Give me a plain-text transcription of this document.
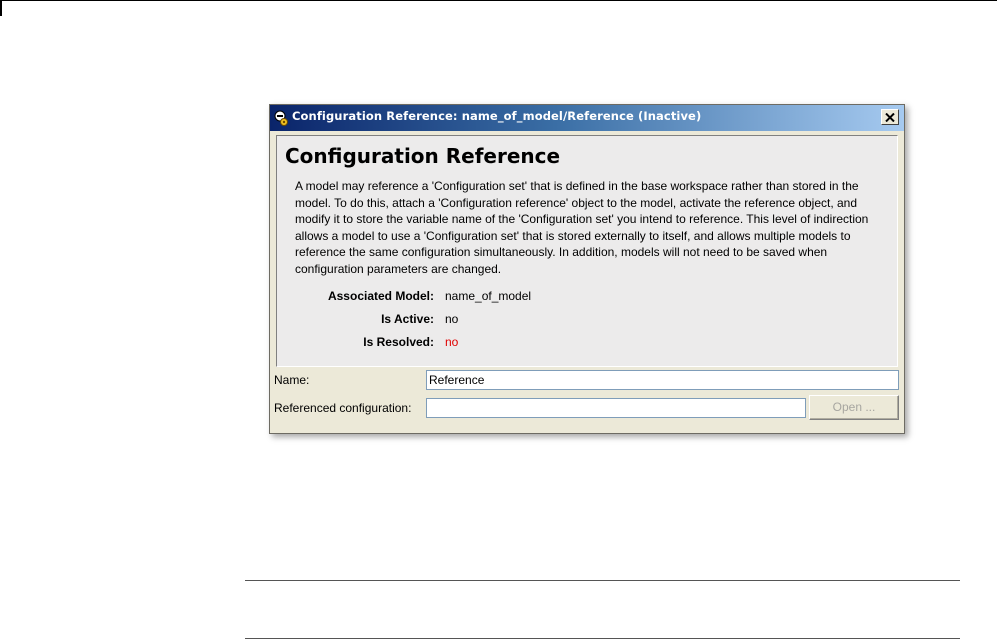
Configuration Reference: name_of_model/Reference (Inactive)
Configuration Reference
A model may reference a 'Configuration set' that is defined in the base workspace rather than stored in the model. To do this, attach a 'Configuration reference' object to the model, activate the reference object, and modify it to store the variable name of the 'Configuration set' you intend to reference. This level of indirection allows a model to use a 'Configuration set' that is stored externally to itself, and allows multiple models to reference the same configuration simultaneously. In addition, models will not need to be saved when configuration parameters are changed.
Associated Model: name_of_model
Is Active: no
Is Resolved: no
Name:
Reference
Referenced configuration:	Open ...
